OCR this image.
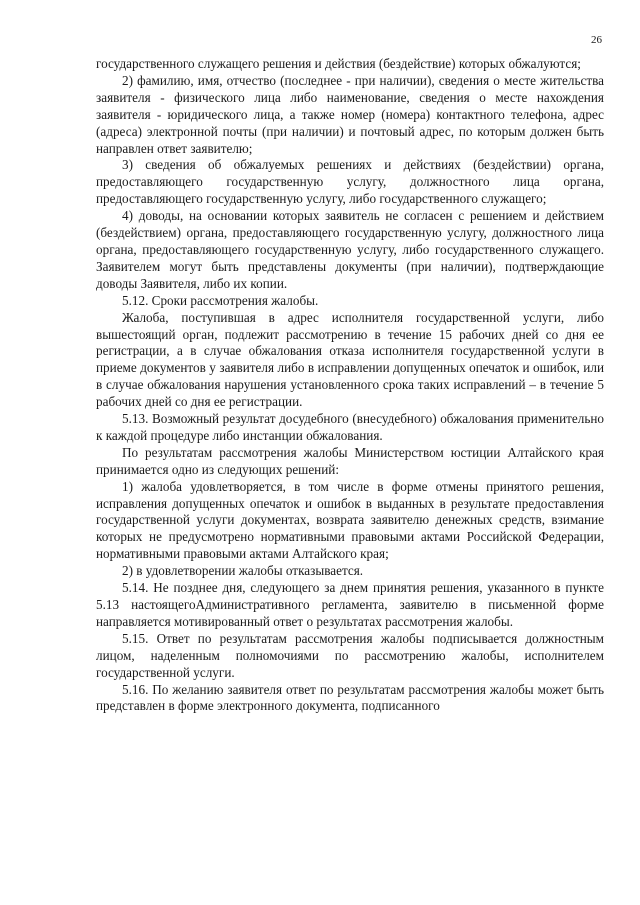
26

государственного служащего решения и действия (бездействие) которых обжалуются;

2) фамилию, имя, отчество (последнее - при наличии), сведения о месте жительства заявителя - физического лица либо наименование, сведения о месте нахождения заявителя - юридического лица, а также номер (номера) контактного телефона, адрес (адреса) электронной почты (при наличии) и почтовый адрес, по которым должен быть направлен ответ заявителю;

3) сведения об обжалуемых решениях и действиях (бездействии) органа, предоставляющего государственную услугу, должностного лица органа, предоставляющего государственную услугу, либо государственного служащего;

4) доводы, на основании которых заявитель не согласен с решением и действием (бездействием) органа, предоставляющего государственную услугу, должностного лица органа, предоставляющего государственную услугу, либо государственного служащего. Заявителем могут быть представлены документы (при наличии), подтверждающие доводы Заявителя, либо их копии.

5.12. Сроки рассмотрения жалобы.

Жалоба, поступившая в адрес исполнителя государственной услуги, либо вышестоящий орган, подлежит рассмотрению в течение 15 рабочих дней со дня ее регистрации, а в случае обжалования отказа исполнителя государственной услуги в приеме документов у заявителя либо в исправлении допущенных опечаток и ошибок, или в случае обжалования нарушения установленного срока таких исправлений – в течение 5 рабочих дней со дня ее регистрации.

5.13. Возможный результат досудебного (внесудебного) обжалования применительно к каждой процедуре либо инстанции обжалования.

По результатам рассмотрения жалобы Министерством юстиции Алтайского края принимается одно из следующих решений:

1) жалоба удовлетворяется, в том числе в форме отмены принятого решения, исправления допущенных опечаток и ошибок в выданных в результате предоставления государственной услуги документах, возврата заявителю денежных средств, взимание которых не предусмотрено нормативными правовыми актами Российской Федерации, нормативными правовыми актами Алтайского края;

2) в удовлетворении жалобы отказывается.

5.14. Не позднее дня, следующего за днем принятия решения, указанного в пункте 5.13 настоящегоАдминистративного регламента, заявителю в письменной форме направляется мотивированный ответ о результатах рассмотрения жалобы.

5.15. Ответ по результатам рассмотрения жалобы подписывается должностным лицом, наделенным полномочиями по рассмотрению жалобы, исполнителем государственной услуги.

5.16. По желанию заявителя ответ по результатам рассмотрения жалобы может быть представлен в форме электронного документа, подписанного
